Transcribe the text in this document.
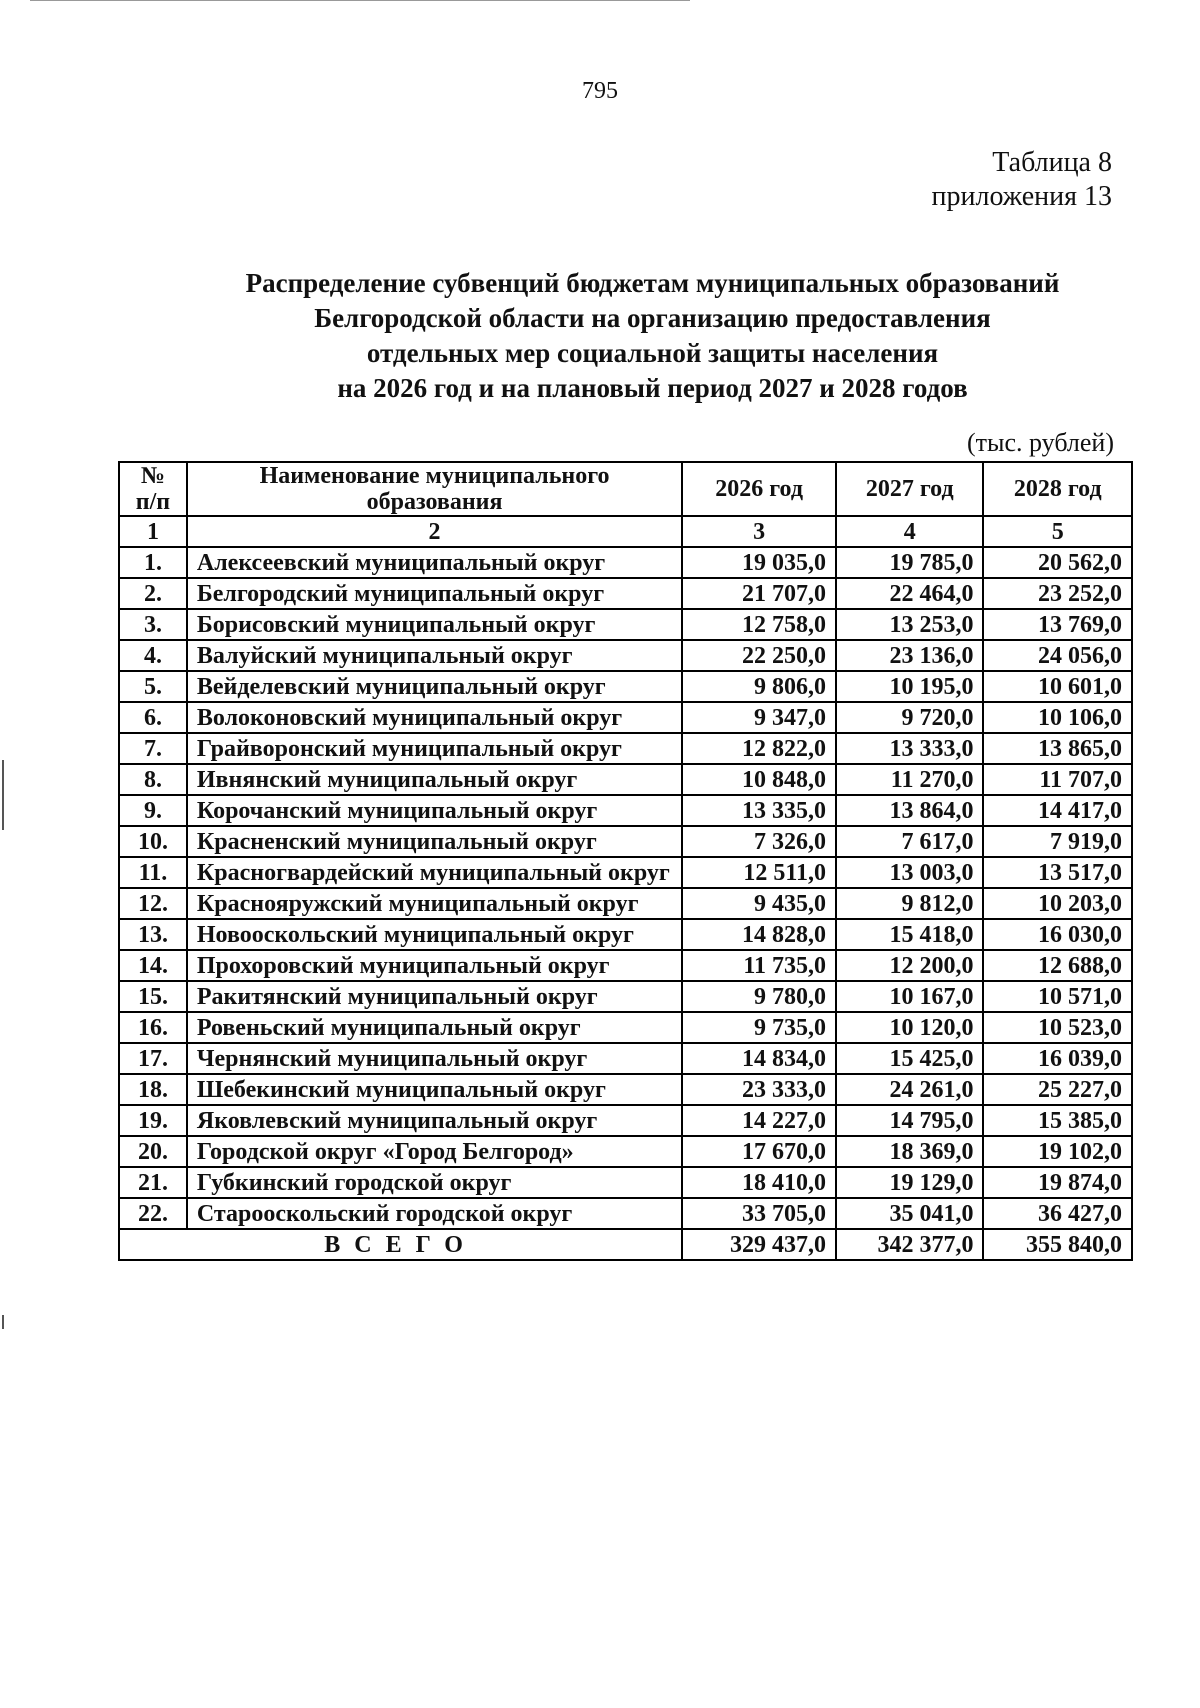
795
Таблица 8
приложения 13
Распределение субвенций бюджетам муниципальных образований
Белгородской области на организацию предоставления
отдельных мер социальной защиты населения
на 2026 год и на плановый период 2027 и 2028 годов
(тыс. рублей)
№ п/п	Наименование муниципального образования	2026 год	2027 год	2028 год
1	2	3	4	5
1.	Алексеевский муниципальный округ	19 035,0	19 785,0	20 562,0
2.	Белгородский муниципальный округ	21 707,0	22 464,0	23 252,0
3.	Борисовский муниципальный округ	12 758,0	13 253,0	13 769,0
4.	Валуйский муниципальный округ	22 250,0	23 136,0	24 056,0
5.	Вейделевский муниципальный округ	9 806,0	10 195,0	10 601,0
6.	Волоконовский муниципальный округ	9 347,0	9 720,0	10 106,0
7.	Грайворонский муниципальный округ	12 822,0	13 333,0	13 865,0
8.	Ивнянский муниципальный округ	10 848,0	11 270,0	11 707,0
9.	Корочанский муниципальный округ	13 335,0	13 864,0	14 417,0
10.	Красненский муниципальный округ	7 326,0	7 617,0	7 919,0
11.	Красногвардейский муниципальный округ	12 511,0	13 003,0	13 517,0
12.	Краснояружский муниципальный округ	9 435,0	9 812,0	10 203,0
13.	Новооскольский муниципальный округ	14 828,0	15 418,0	16 030,0
14.	Прохоровский муниципальный округ	11 735,0	12 200,0	12 688,0
15.	Ракитянский муниципальный округ	9 780,0	10 167,0	10 571,0
16.	Ровеньский муниципальный округ	9 735,0	10 120,0	10 523,0
17.	Чернянский муниципальный округ	14 834,0	15 425,0	16 039,0
18.	Шебекинский муниципальный округ	23 333,0	24 261,0	25 227,0
19.	Яковлевский муниципальный округ	14 227,0	14 795,0	15 385,0
20.	Городской округ «Город Белгород»	17 670,0	18 369,0	19 102,0
21.	Губкинский городской округ	18 410,0	19 129,0	19 874,0
22.	Старооскольский городской округ	33 705,0	35 041,0	36 427,0
ВСЕГО		329 437,0	342 377,0	355 840,0
